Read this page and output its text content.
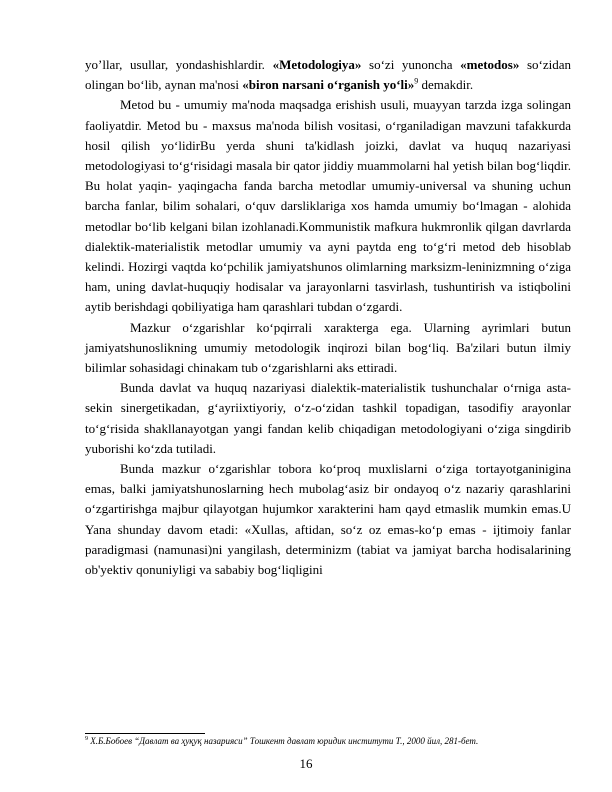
yo’llar, usullar, yondashishlardir. «Metodologiya» so‘zi yunoncha «metodos» so‘zidan olingan bo‘lib, aynan ma'nosi «biron narsani o‘rganish yo‘li»$^9$ demakdir.

Metod bu - umumiy ma'noda maqsadga erishish usuli, muayyan tarzda izga solingan faoliyatdir. Metod bu - maxsus ma'noda bilish vositasi, o‘rganiladigan mavzuni tafakkurda hosil qilish yo‘lidirBu yerda shuni ta'kidlash joizki, davlat va huquq nazariyasi metodologiyasi to‘g‘risidagi masala bir qator jiddiy muammolarni hal yetish bilan bog‘liqdir. Bu holat yaqin- yaqingacha fanda barcha metodlar umumiy-universal va shuning uchun barcha fanlar, bilim sohalari, o‘quv darsliklariga xos hamda umumiy bo‘lmagan - alohida metodlar bo‘lib kelgani bilan izohlanadi.Kommunistik mafkura hukmronlik qilgan davrlarda dialektik-materialistik metodlar umumiy va ayni paytda eng to‘g‘ri metod deb hisoblab kelindi. Hozirgi vaqtda ko‘pchilik jamiyatshunos olimlarning marksizm-leninizmning o‘ziga ham, uning davlat-huquqiy hodisalar va jarayonlarni tasvirlash, tushuntirish va istiqbolini aytib berishdagi qobiliyatiga ham qarashlari tubdan o‘zgardi.

Mazkur o‘zgarishlar ko‘pqirrali xarakterga ega. Ularning ayrimlari butun jamiyatshunoslikning umumiy metodologik inqirozi bilan bog‘liq. Ba'zilari butun ilmiy bilimlar sohasidagi chinakam tub o‘zgarishlarni aks ettiradi.

Bunda davlat va huquq nazariyasi dialektik-materialistik tushunchalar o‘rniga asta-sekin sinergetikadan, g‘ayriixtiyoriy, o‘z-o‘zidan tashkil topadigan, tasodifiy arayonlar to‘g‘risida shakllanayotgan yangi fandan kelib chiqadigan metodologiyani o‘ziga singdirib yuborishi ko‘zda tutiladi.

Bunda mazkur o‘zgarishlar tobora ko‘proq muxlislarni o‘ziga tortayotganinigina emas, balki jamiyatshunoslarning hech mubolag‘asiz bir ondayoq o‘z nazariy qarashlarini o‘zgartirishga majbur qilayotgan hujumkor xarakterini ham qayd etmaslik mumkin emas.U Yana shunday davom etadi: «Xullas, aftidan, so‘z oz emas-ko‘p emas - ijtimoiy fanlar paradigmasi (namunasi)ni yangilash, determinizm (tabiat va jamiyat barcha hodisalarining ob'yektiv qonuniyligi va sababiy bog‘liqligini

$^9$ Х.Б.Бобоев “Давлат ва ҳуқуқ назарияси” Тошкент давлат юридик институти Т., 2000 йил, 281-бет.
16
